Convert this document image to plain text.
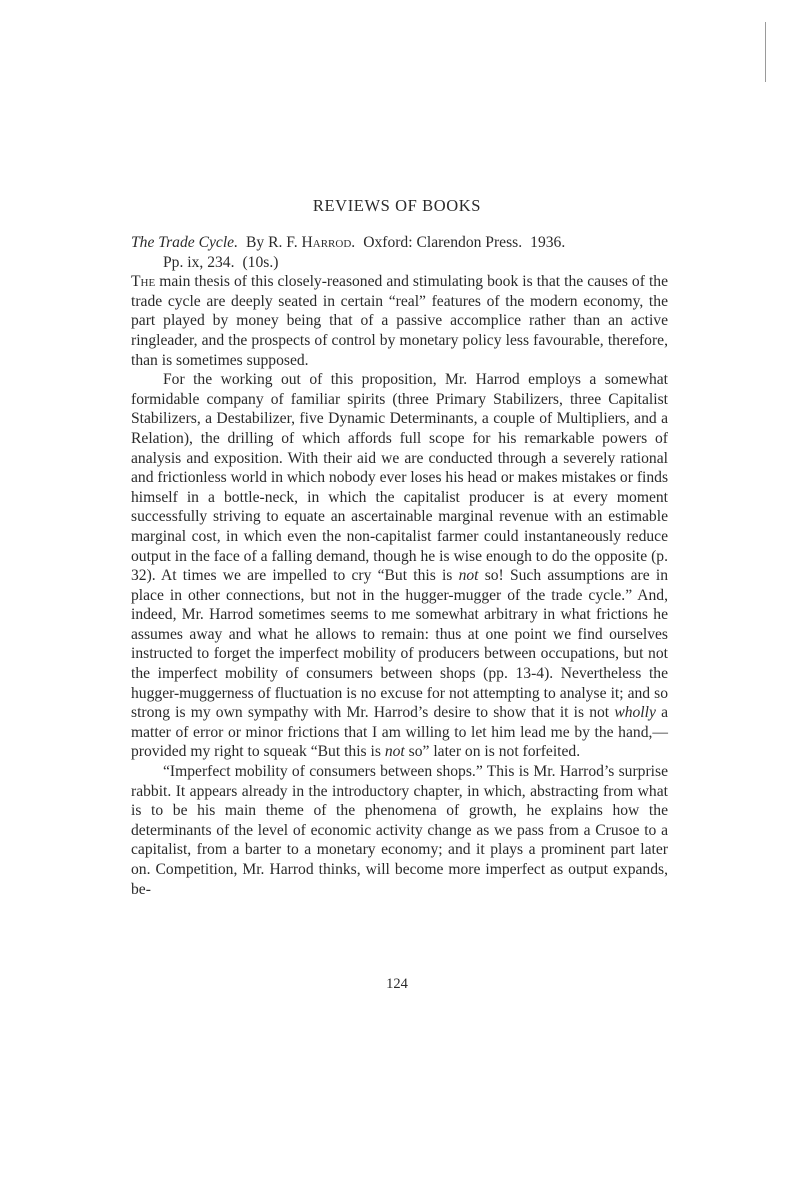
REVIEWS OF BOOKS

The Trade Cycle. By R. F. Harrod. Oxford: Clarendon Press. 1936.
Pp. ix, 234. (10s.)

The main thesis of this closely-reasoned and stimulating book is that the causes of the trade cycle are deeply seated in certain “real” features of the modern economy, the part played by money being that of a passive accomplice rather than an active ringleader, and the prospects of control by monetary policy less favourable, therefore, than is sometimes supposed.

For the working out of this proposition, Mr. Harrod employs a somewhat formidable company of familiar spirits (three Primary Stabilizers, three Capitalist Stabilizers, a Destabilizer, five Dynamic Determinants, a couple of Multipliers, and a Relation), the drilling of which affords full scope for his remarkable powers of analysis and exposition. With their aid we are conducted through a severely rational and frictionless world in which nobody ever loses his head or makes mistakes or finds himself in a bottle-neck, in which the capitalist producer is at every moment successfully striving to equate an ascertainable marginal revenue with an estimable marginal cost, in which even the non-capitalist farmer could instantaneously reduce output in the face of a falling demand, though he is wise enough to do the opposite (p. 32). At times we are impelled to cry “But this is not so! Such assumptions are in place in other connections, but not in the hugger-mugger of the trade cycle.” And, indeed, Mr. Harrod sometimes seems to me somewhat arbitrary in what frictions he assumes away and what he allows to remain: thus at one point we find ourselves instructed to forget the imperfect mobility of producers between occupations, but not the imperfect mobility of consumers between shops (pp. 13-4). Nevertheless the hugger-muggerness of fluctuation is no excuse for not attempting to analyse it; and so strong is my own sympathy with Mr. Harrod’s desire to show that it is not wholly a matter of error or minor frictions that I am willing to let him lead me by the hand,—provided my right to squeak “But this is not so” later on is not forfeited.

“Imperfect mobility of consumers between shops.” This is Mr. Harrod’s surprise rabbit. It appears already in the introductory chapter, in which, abstracting from what is to be his main theme of the phenomena of growth, he explains how the determinants of the level of economic activity change as we pass from a Crusoe to a capitalist, from a barter to a monetary economy; and it plays a prominent part later on. Competition, Mr. Harrod thinks, will become more imperfect as output expands, be-

124
